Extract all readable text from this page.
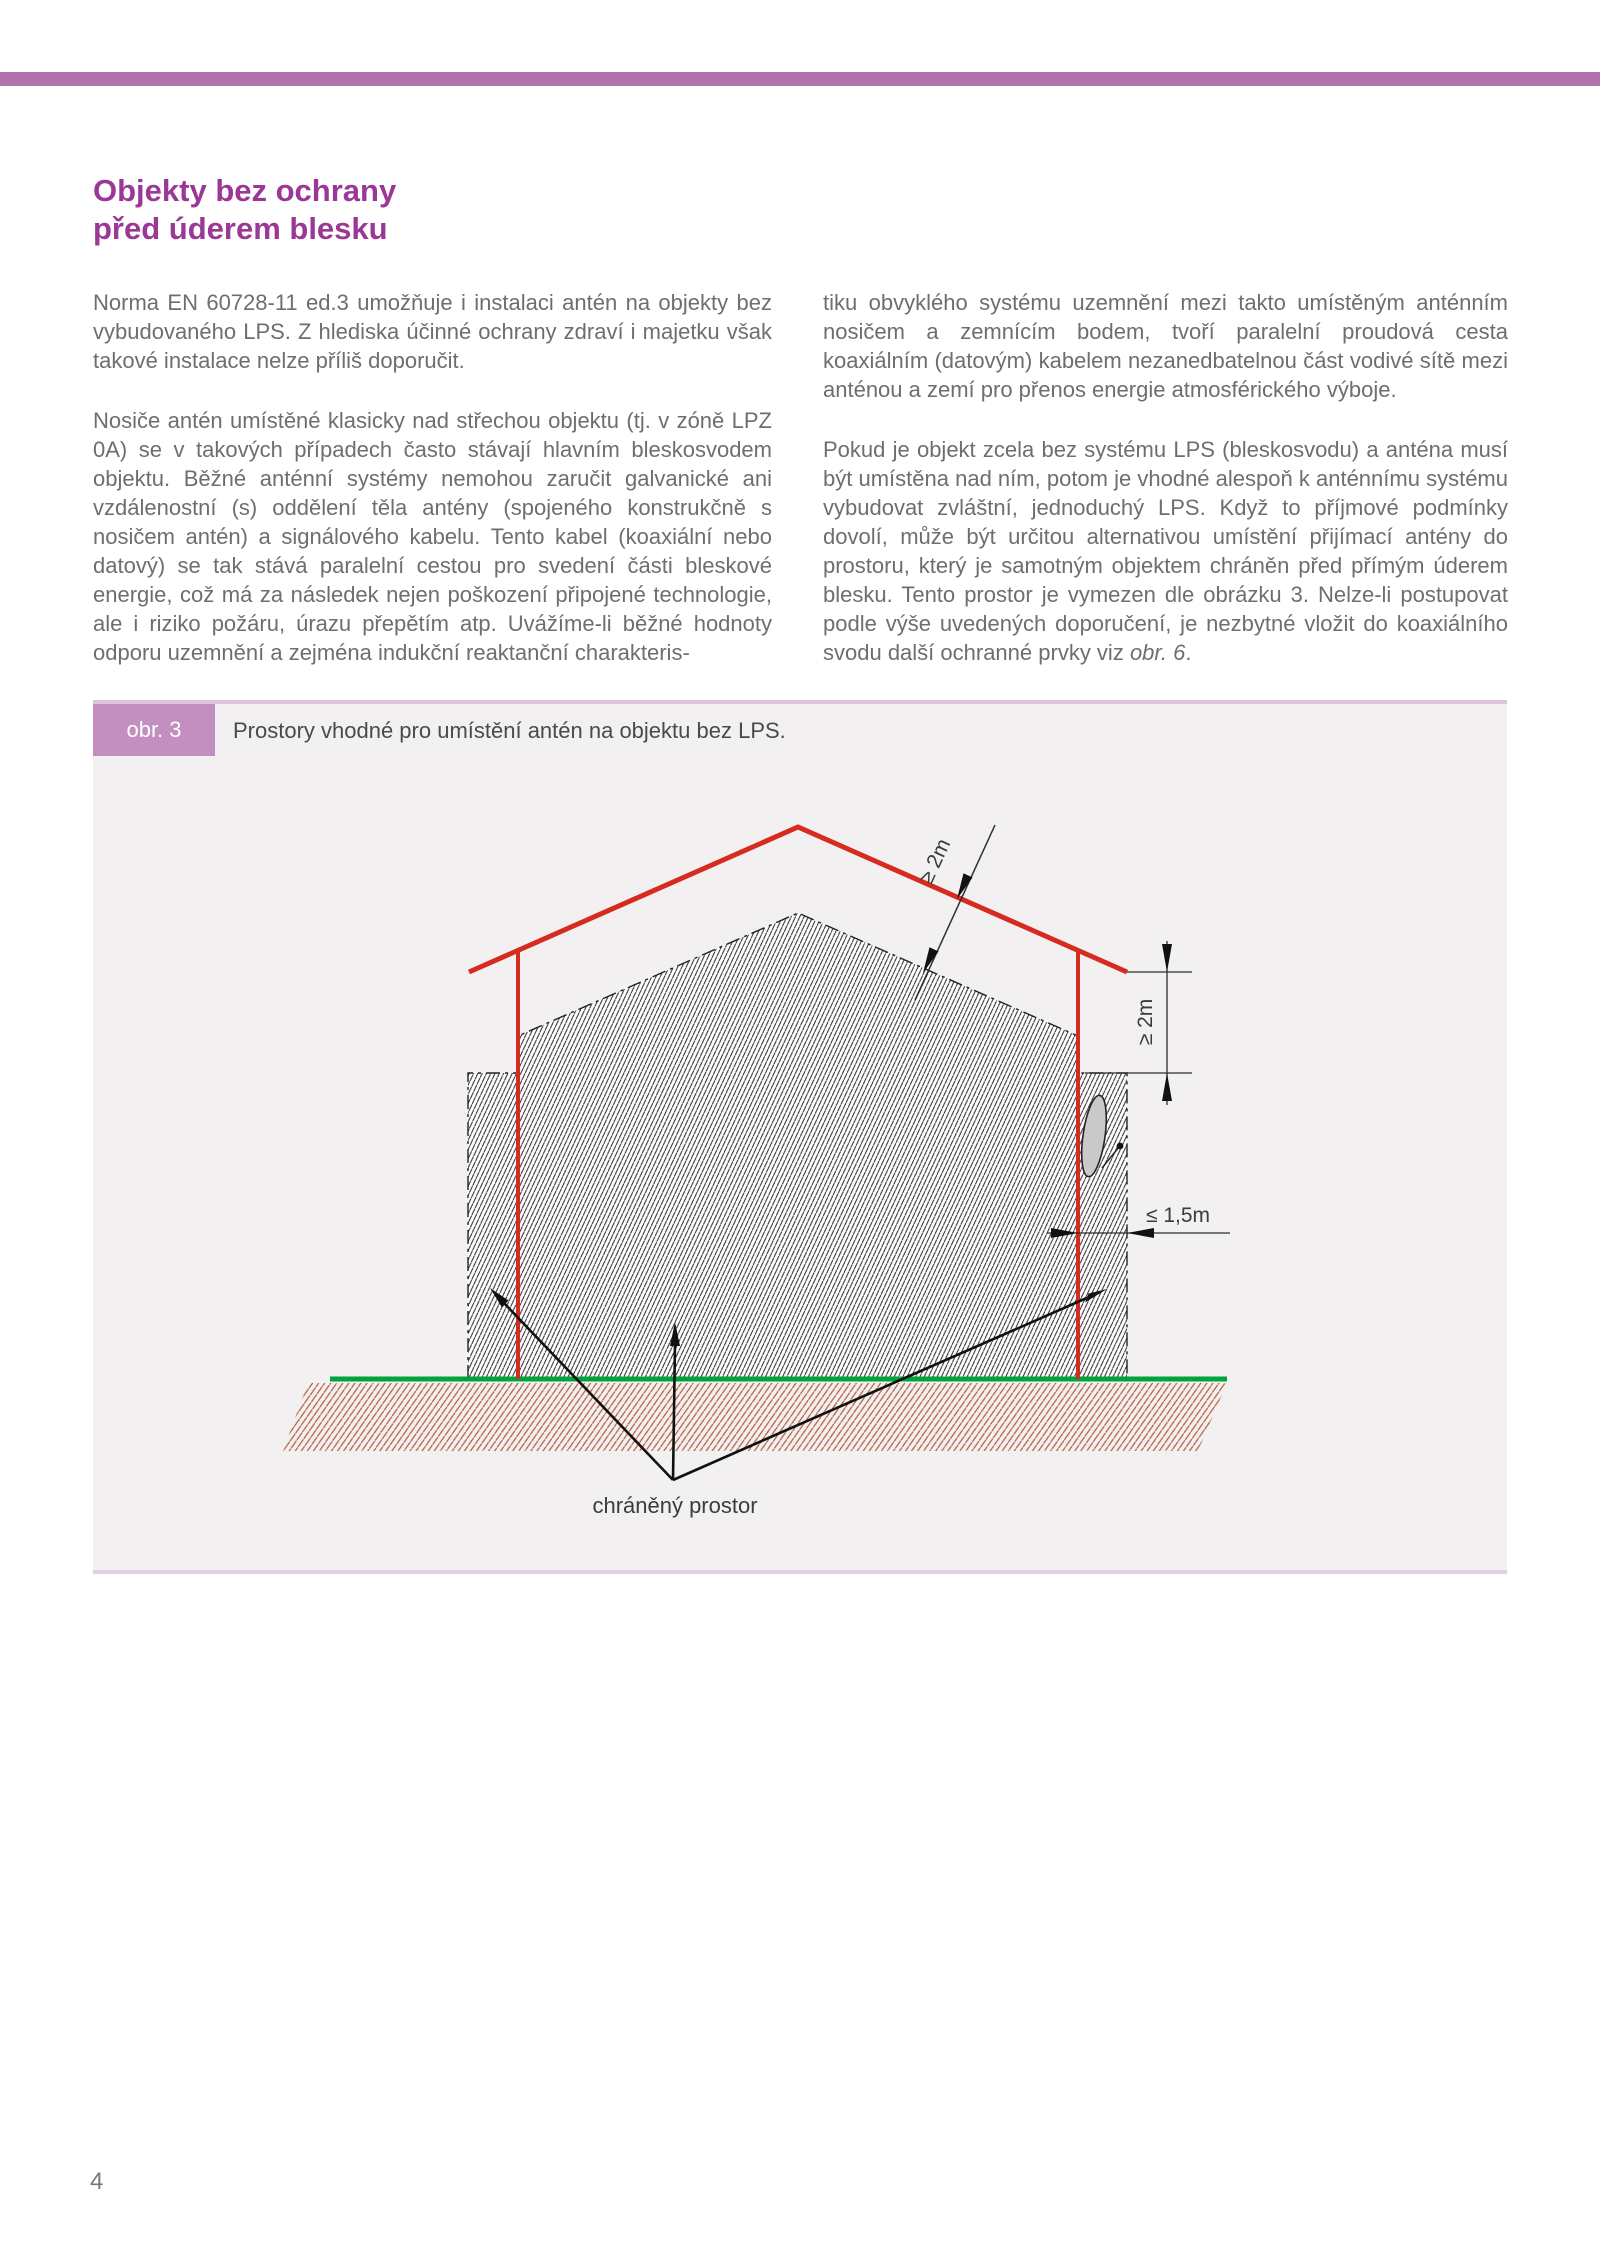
Objekty bez ochrany
před úderem blesku

Norma EN 60728-11 ed.3 umožňuje i instalaci antén na objekty bez vybudovaného LPS. Z hlediska účinné ochrany zdraví i majetku však takové instalace nelze příliš doporučit.

Nosiče antén umístěné klasicky nad střechou objektu (tj. v zóně LPZ 0A) se v takových případech často stávají hlavním bleskosvodem objektu. Běžné anténní systémy nemohou zaručit galvanické ani vzdálenostní (s) oddělení těla antény (spojeného konstrukčně s nosičem antén) a signálového kabelu. Tento kabel (koaxiální nebo datový) se tak stává paralelní cestou pro svedení části bleskové energie, což má za následek nejen poškození připojené technologie, ale i riziko požáru, úrazu přepětím atp. Uvážíme-li běžné hodnoty odporu uzemnění a zejména indukční reaktanční charakteris-

tiku obvyklého systému uzemnění mezi takto umístěným anténním nosičem a zemnícím bodem, tvoří paralelní proudová cesta koaxiálním (datovým) kabelem nezanedbatelnou část vodivé sítě mezi anténou a zemí pro přenos energie atmosférického výboje.

Pokud je objekt zcela bez systému LPS (bleskosvodu) a anténa musí být umístěna nad ním, potom je vhodné alespoň k anténnímu systému vybudovat zvláštní, jednoduchý LPS. Když to příjmové podmínky dovolí, může být určitou alternativou umístění přijímací antény do prostoru, který je samotným objektem chráněn před přímým úderem blesku. Tento prostor je vymezen dle obrázku 3. Nelze-li postupovat podle výše uvedených doporučení, je nezbytné vložit do koaxiálního svodu další ochranné prvky viz obr. 6.

obr. 3	Prostory vhodné pro umístění antén na objektu bez LPS.
≥ 2m
≥ 2m
≤ 1,5m
chráněný prostor
4
